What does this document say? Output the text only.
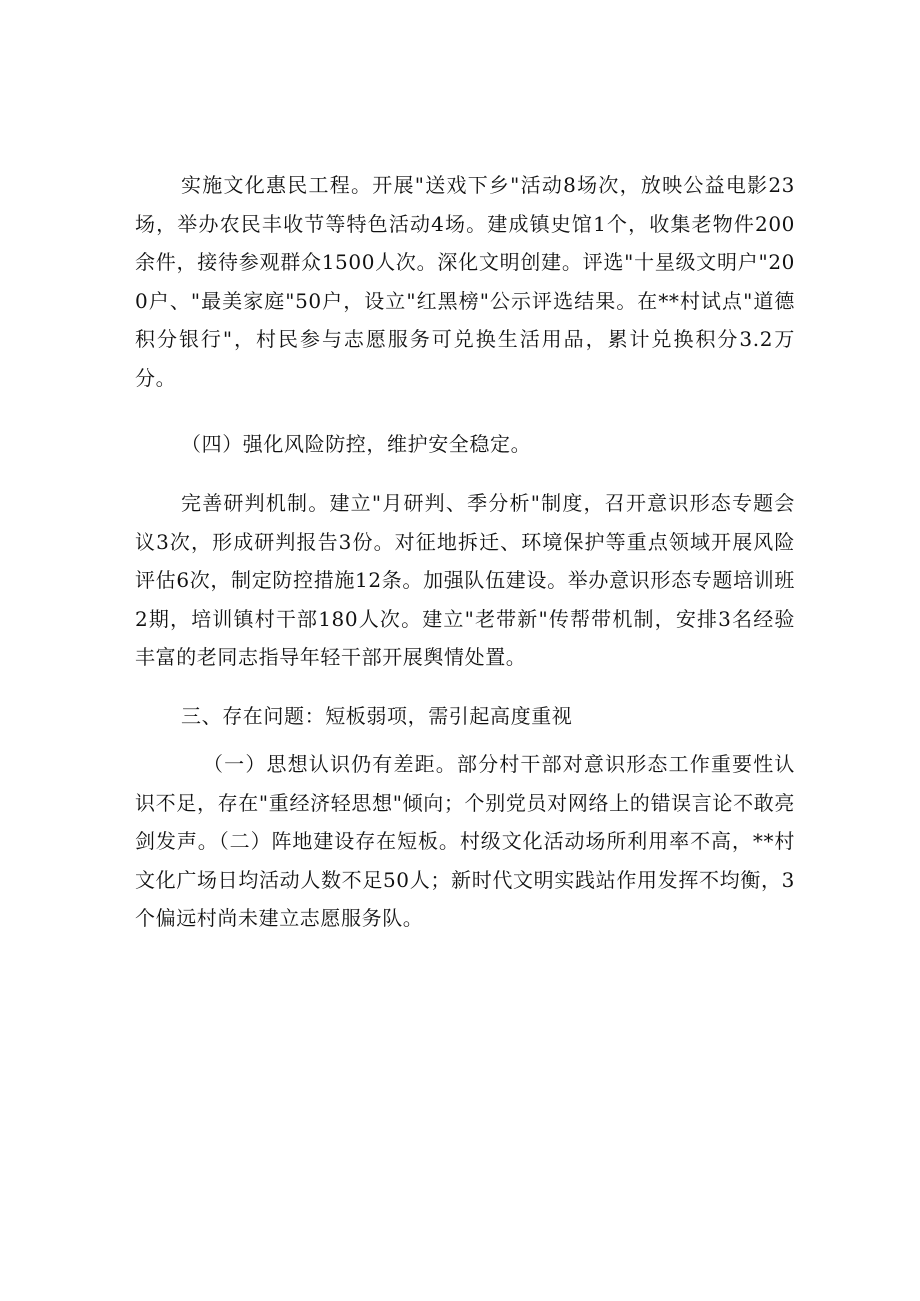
实施文化惠民工程。开展"送戏下乡"活动8场次，放映公益电影23场，举办农民丰收节等特色活动4场。建成镇史馆1个，收集老物件200余件，接待参观群众1500人次。深化文明创建。评选"十星级文明户"200户、"最美家庭"50户，设立"红黑榜"公示评选结果。在**村试点"道德积分银行"，村民参与志愿服务可兑换生活用品，累计兑换积分3.2万分。

（四）强化风险防控，维护安全稳定。

完善研判机制。建立"月研判、季分析"制度，召开意识形态专题会议3次，形成研判报告3份。对征地拆迁、环境保护等重点领域开展风险评估6次，制定防控措施12条。加强队伍建设。举办意识形态专题培训班2期，培训镇村干部180人次。建立"老带新"传帮带机制，安排3名经验丰富的老同志指导年轻干部开展舆情处置。

三、存在问题：短板弱项，需引起高度重视

（一）思想认识仍有差距。部分村干部对意识形态工作重要性认识不足，存在"重经济轻思想"倾向；个别党员对网络上的错误言论不敢亮剑发声。（二）阵地建设存在短板。村级文化活动场所利用率不高，**村文化广场日均活动人数不足50人；新时代文明实践站作用发挥不均衡，3个偏远村尚未建立志愿服务队。
